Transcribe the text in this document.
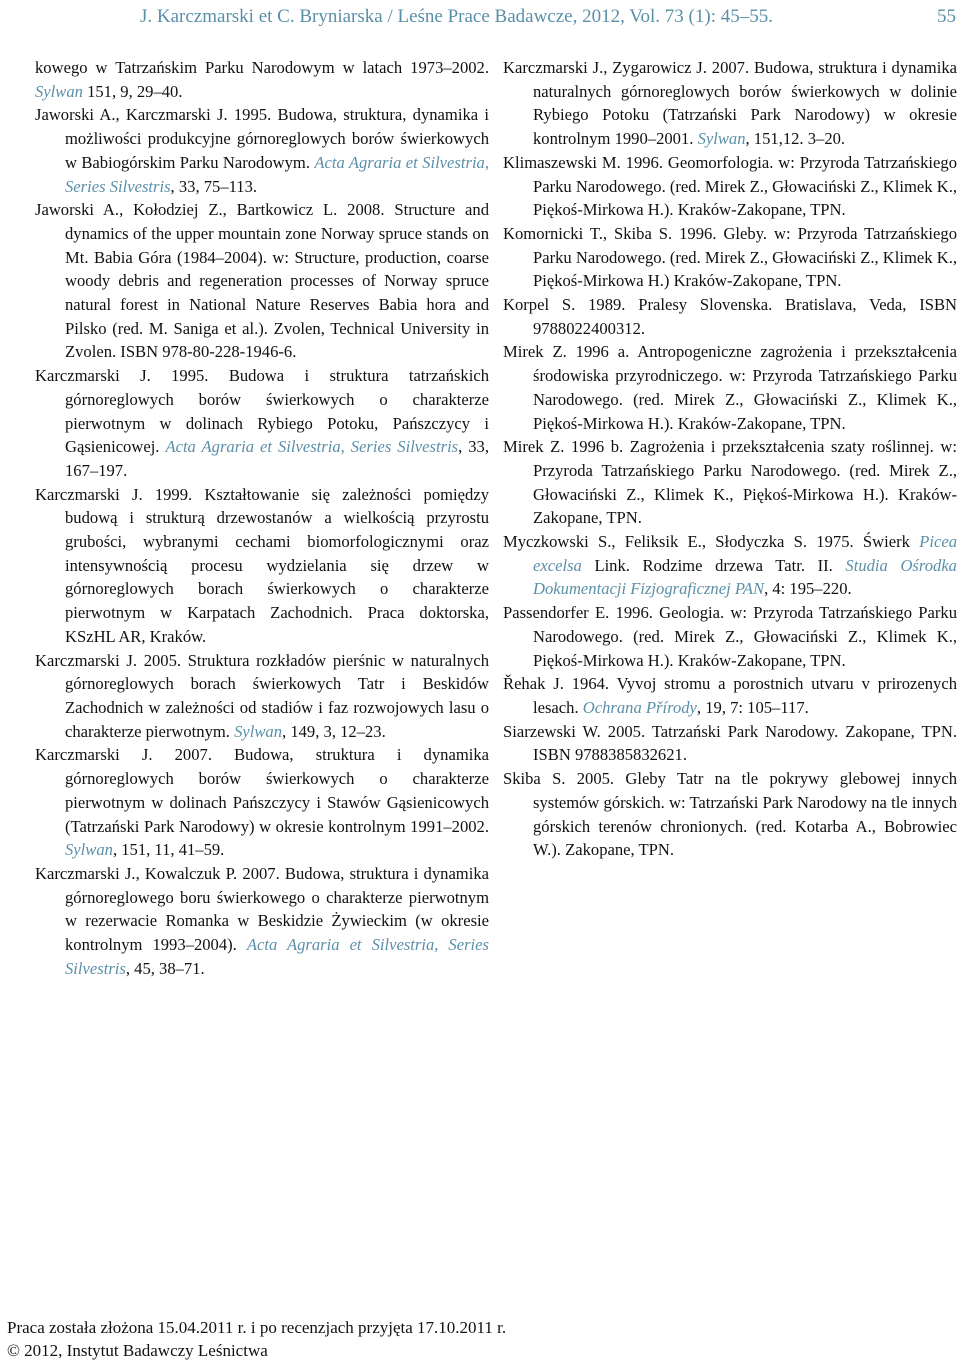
J. Karczmarski et C. Bryniarska / Leśne Prace Badawcze, 2012, Vol. 73 (1): 45–55.	55
kowego w Tatrzańskim Parku Narodowym w latach 1973–2002. Sylwan 151, 9, 29–40.
Jaworski A., Karczmarski J. 1995. Budowa, struktura, dynamika i możliwości produkcyjne górnoreglowych borów świerkowych w Babiogórskim Parku Narodowym. Acta Agraria et Silvestria, Series Silvestris, 33, 75–113.
Jaworski A., Kołodziej Z., Bartkowicz L. 2008. Structure and dynamics of the upper mountain zone Norway spruce stands on Mt. Babia Góra (1984–2004). w: Structure, production, coarse woody debris and regeneration processes of Norway spruce natural forest in National Nature Reserves Babia hora and Pilsko (red. M. Saniga et al.). Zvolen, Technical University in Zvolen. ISBN 978-80-228-1946-6.
Karczmarski J. 1995. Budowa i struktura tatrzańskich górnoreglowych borów świerkowych o charakterze pierwotnym w dolinach Rybiego Potoku, Pańszczycy i Gąsienicowej. Acta Agraria et Silvestria, Series Silvestris, 33, 167–197.
Karczmarski J. 1999. Kształtowanie się zależności pomiędzy budową i strukturą drzewostanów a wielkością przyrostu grubości, wybranymi cechami biomorfologicznymi oraz intensywnością procesu wydzielania się drzew w górnoreglowych borach świerkowych o charakterze pierwotnym w Karpatach Zachodnich. Praca doktorska, KSzHL AR, Kraków.
Karczmarski J. 2005. Struktura rozkładów pierśnic w naturalnych górnoreglowych borach świerkowych Tatr i Beskidów Zachodnich w zależności od stadiów i faz rozwojowych lasu o charakterze pierwotnym. Sylwan, 149, 3, 12–23.
Karczmarski J. 2007. Budowa, struktura i dynamika górnoreglowych borów świerkowych o charakterze pierwotnym w dolinach Pańszczycy i Stawów Gąsienicowych (Tatrzański Park Narodowy) w okresie kontrolnym 1991–2002. Sylwan, 151, 11, 41–59.
Karczmarski J., Kowalczuk P. 2007. Budowa, struktura i dynamika górnoreglowego boru świerkowego o charakterze pierwotnym w rezerwacie Romanka w Beskidzie Żywieckim (w okresie kontrolnym 1993–2004). Acta Agraria et Silvestria, Series Silvestris, 45, 38–71.
Karczmarski J., Zygarowicz J. 2007. Budowa, struktura i dynamika naturalnych górnoreglowych borów świerkowych w dolinie Rybiego Potoku (Tatrzański Park Narodowy) w okresie kontrolnym 1990–2001. Sylwan, 151,12. 3–20.
Klimaszewski M. 1996. Geomorfologia. w: Przyroda Tatrzańskiego Parku Narodowego. (red. Mirek Z., Głowaciński Z., Klimek K., Piękoś-Mirkowa H.). Kraków-Zakopane, TPN.
Komornicki T., Skiba S. 1996. Gleby. w: Przyroda Tatrzańskiego Parku Narodowego. (red. Mirek Z., Głowaciński Z., Klimek K., Piękoś-Mirkowa H.) Kraków-Zakopane, TPN.
Korpel S. 1989. Pralesy Slovenska. Bratislava, Veda, ISBN 9788022400312.
Mirek Z. 1996 a. Antropogeniczne zagrożenia i przekształcenia środowiska przyrodniczego. w: Przyroda Tatrzańskiego Parku Narodowego. (red. Mirek Z., Głowaciński Z., Klimek K., Piękoś-Mirkowa H.). Kraków-Zakopane, TPN.
Mirek Z. 1996 b. Zagrożenia i przekształcenia szaty roślinnej. w: Przyroda Tatrzańskiego Parku Narodowego. (red. Mirek Z., Głowaciński Z., Klimek K., Piękoś-Mirkowa H.). Kraków-Zakopane, TPN.
Myczkowski S., Feliksik E., Słodyczka S. 1975. Świerk Picea excelsa Link. Rodzime drzewa Tatr. II. Studia Ośrodka Dokumentacji Fizjograficznej PAN, 4: 195–220.
Passendorfer E. 1996. Geologia. w: Przyroda Tatrzańskiego Parku Narodowego. (red. Mirek Z., Głowaciński Z., Klimek K., Piękoś-Mirkowa H.). Kraków-Zakopane, TPN.
Řehak J. 1964. Vyvoj stromu a porostnich utvaru v prirozenych lesach. Ochrana Přírody, 19, 7: 105–117.
Siarzewski W. 2005. Tatrzański Park Narodowy. Zakopane, TPN. ISBN 9788385832621.
Skiba S. 2005. Gleby Tatr na tle pokrywy glebowej innych systemów górskich. w: Tatrzański Park Narodowy na tle innych górskich terenów chronionych. (red. Kotarba A., Bobrowiec W.). Zakopane, TPN.
Praca została złożona 15.04.2011 r. i po recenzjach przyjęta 17.10.2011 r.
© 2012, Instytut Badawczy Leśnictwa
